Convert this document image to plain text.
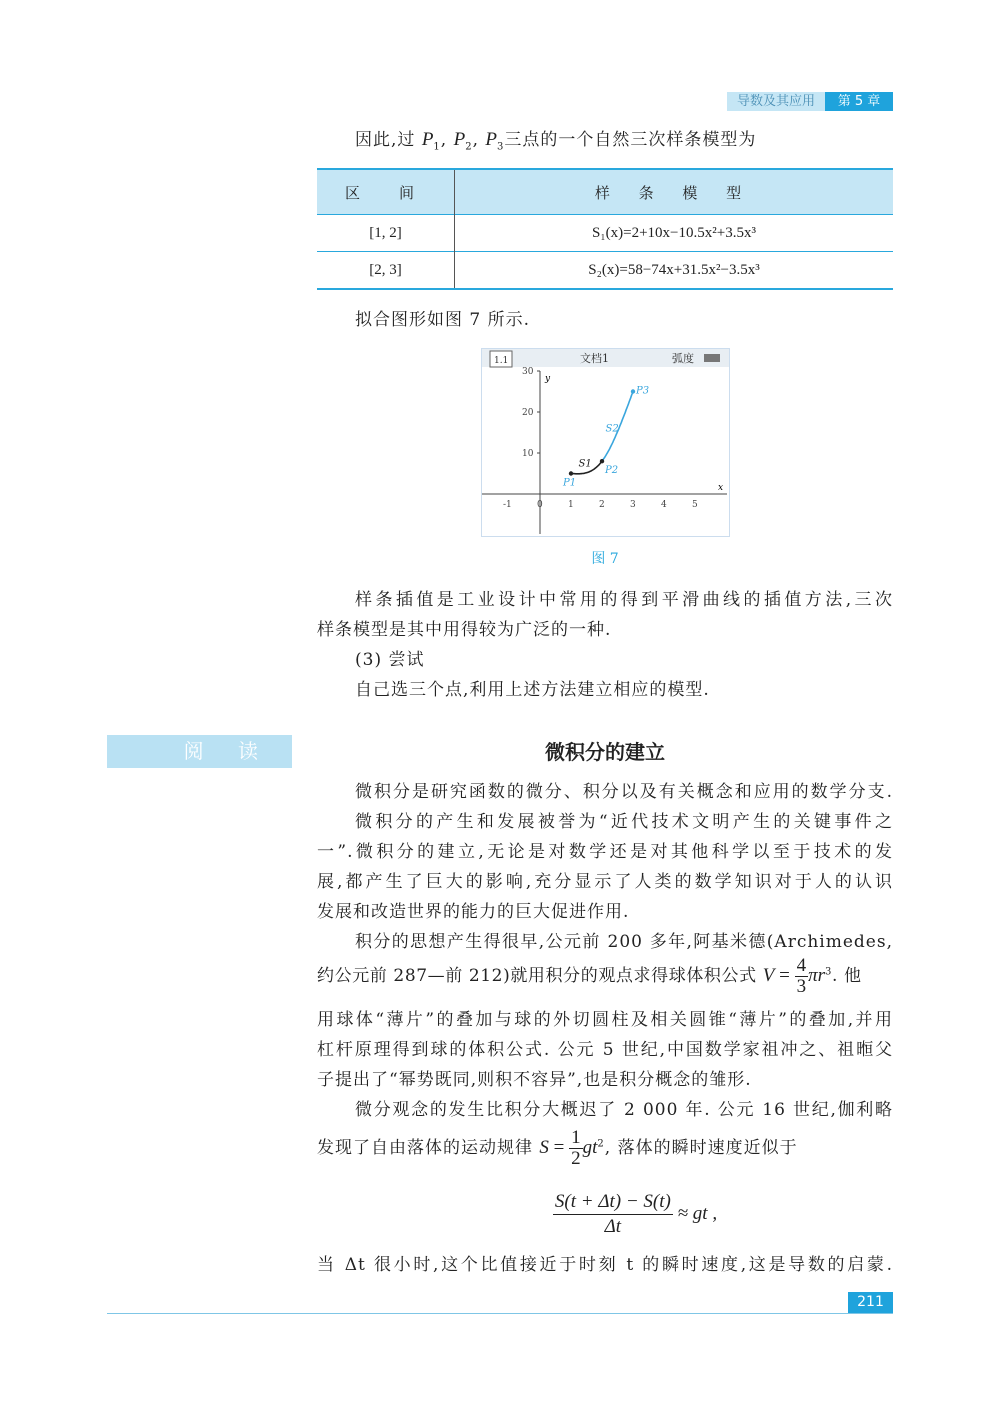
导数及其应用	第 5 章
因此,过 $P_1$, $P_2$, $P_3$三点的一个自然三次样条模型为
区　间	样 条 模 型
[1, 2]	S₁(x)=2+10x−10.5x²+3.5x³
[2, 3]	S₂(x)=58−74x+31.5x²−3.5x³
拟合图形如图 7 所示.
1.1	文档1	弧度
x
y
-1	0	1	2	3	4	5
10
20
30
S1
S2
P1
P2
P3
图 7
样条插值是工业设计中常用的得到平滑曲线的插值方法,三次
样条模型是其中用得较为广泛的一种.
(3) 尝试
自己选三个点,利用上述方法建立相应的模型.
阅 读	微积分的建立
微积分是研究函数的微分、积分以及有关概念和应用的数学分支.
微积分的产生和发展被誉为“近代技术文明产生的关键事件之
一”.微积分的建立,无论是对数学还是对其他科学以至于技术的发
展,都产生了巨大的影响,充分显示了人类的数学知识对于人的认识
发展和改造世界的能力的巨大促进作用.
积分的思想产生得很早,公元前 200 多年,阿基米德(Archimedes,
约公元前 287—前 212)就用积分的观点求得球体积公式 $V = \frac{4}{3} \pi r^3$. 他
用球体“薄片”的叠加与球的外切圆柱及相关圆锥“薄片”的叠加,并用
杠杆原理得到球的体积公式. 公元 5 世纪,中国数学家祖冲之、祖暅父
子提出了“幂势既同,则积不容异”,也是积分概念的雏形.
微分观念的发生比积分大概迟了 2 000 年. 公元 16 世纪,伽利略
发现了自由落体的运动规律 $S = \frac{1}{2} gt^2$, 落体的瞬时速度近似于
$\frac{S(t + \Delta t) - S(t)}{\Delta t}$ ≈ gt ,
当 Δt 很小时,这个比值接近于时刻 t 的瞬时速度,这是导数的启蒙.
211
